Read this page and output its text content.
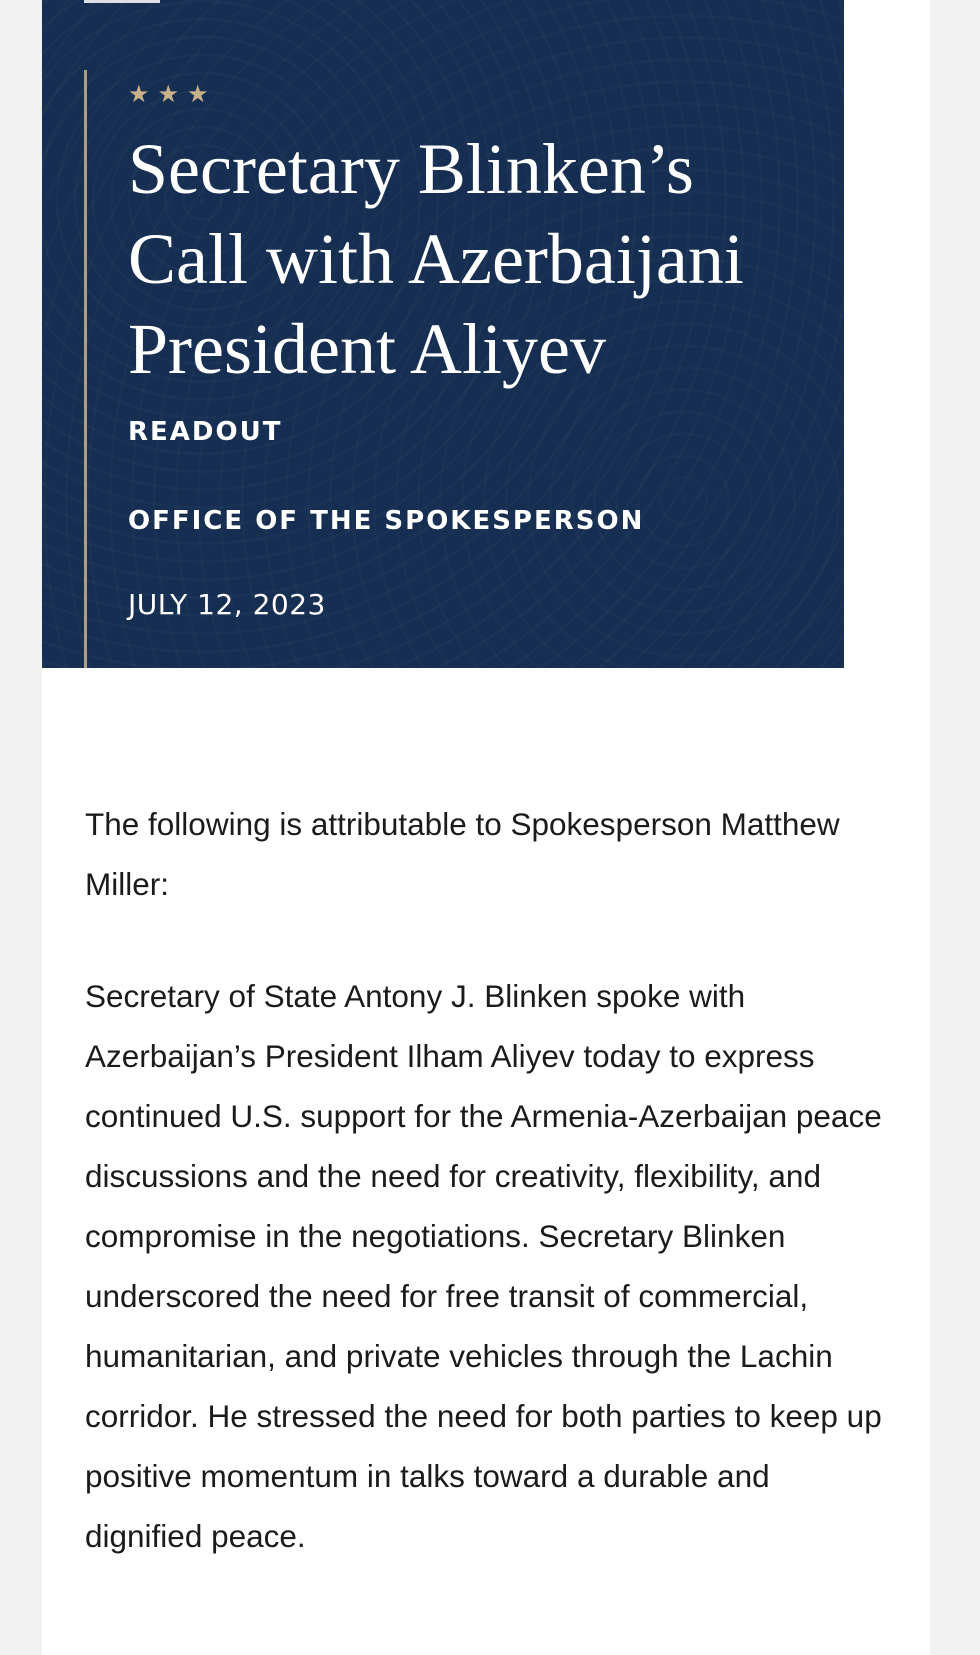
★ ★ ★
Secretary Blinken’s Call with Azerbaijani President Aliyev
READOUT
OFFICE OF THE SPOKESPERSON
JULY 12, 2023

The following is attributable to Spokesperson Matthew Miller:

Secretary of State Antony J. Blinken spoke with Azerbaijan’s President Ilham Aliyev today to express continued U.S. support for the Armenia-Azerbaijan peace discussions and the need for creativity, flexibility, and compromise in the negotiations. Secretary Blinken underscored the need for free transit of commercial, humanitarian, and private vehicles through the Lachin corridor. He stressed the need for both parties to keep up positive momentum in talks toward a durable and dignified peace.
